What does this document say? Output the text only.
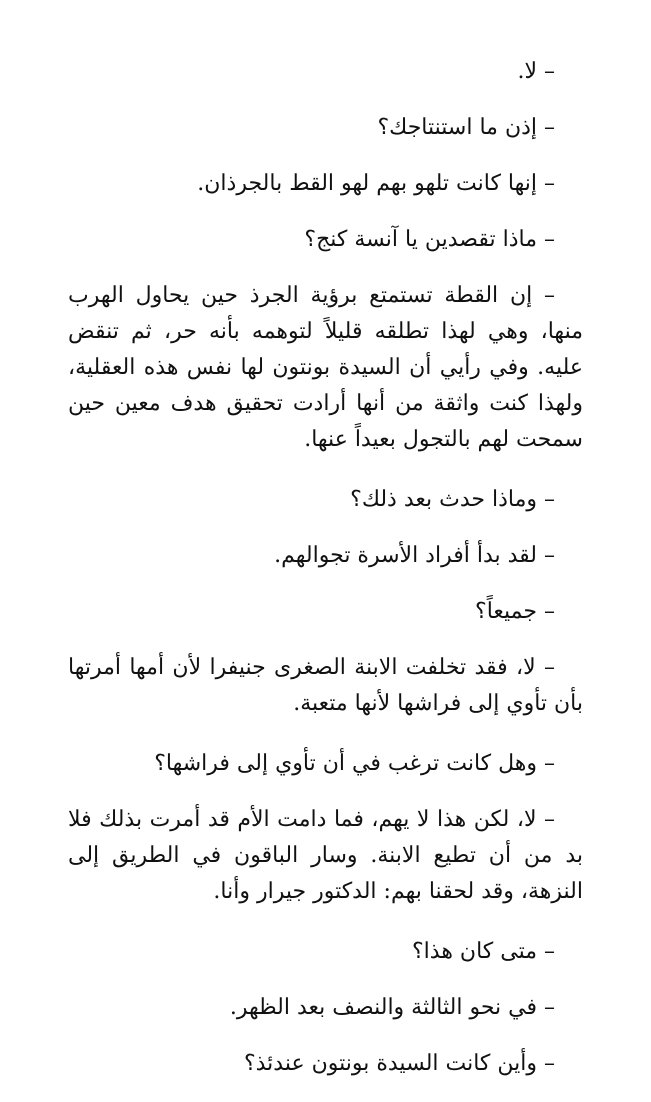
– لا.

– إذن ما استنتاجك؟

– إنها كانت تلهو بهم لهو القط بالجرذان.

– ماذا تقصدين يا آنسة كنج؟

– إن القطة تستمتع برؤية الجرذ حين يحاول الهرب منها، وهي لهذا تطلقه قليلاً لتوهمه بأنه حر، ثم تنقض عليه. وفي رأيي أن السيدة بونتون لها نفس هذه العقلية، ولهذا كنت واثقة من أنها أرادت تحقيق هدف معين حين سمحت لهم بالتجول بعيداً عنها.

– وماذا حدث بعد ذلك؟

– لقد بدأ أفراد الأسرة تجوالهم.

– جميعاً؟

– لا، فقد تخلفت الابنة الصغرى جنيفرا لأن أمها أمرتها بأن تأوي إلى فراشها لأنها متعبة.

– وهل كانت ترغب في أن تأوي إلى فراشها؟

– لا، لكن هذا لا يهم، فما دامت الأم قد أمرت بذلك فلا بد من أن تطيع الابنة. وسار الباقون في الطريق إلى النزهة، وقد لحقنا بهم: الدكتور جيرار وأنا.

– متى كان هذا؟

– في نحو الثالثة والنصف بعد الظهر.

– وأين كانت السيدة بونتون عندئذ؟
